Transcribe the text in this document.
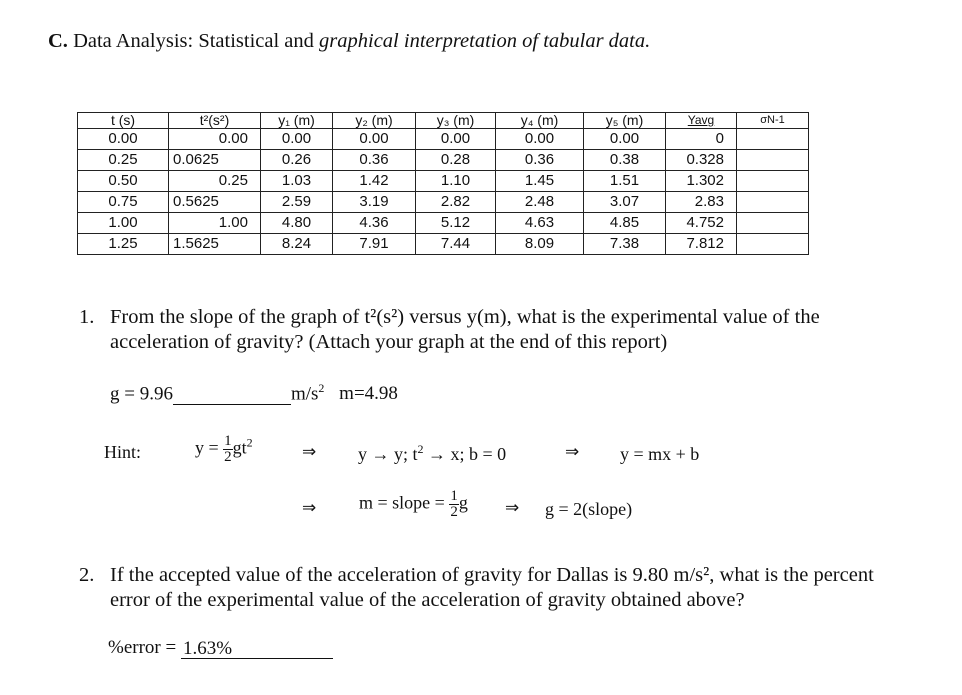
C. Data Analysis: Statistical and graphical interpretation of tabular data.
t (s)	t²(s²)	y₁ (m)	y₂ (m)	y₃ (m)	y₄ (m)	y₅ (m)	Yavg	σN-1
0.00	0.00	0.00	0.00	0.00	0.00	0.00	0	
0.25	0.0625	0.26	0.36	0.28	0.36	0.38	0.328	
0.50	0.25	1.03	1.42	1.10	1.45	1.51	1.302	
0.75	0.5625	2.59	3.19	2.82	2.48	3.07	2.83	
1.00	1.00	4.80	4.36	5.12	4.63	4.85	4.752	
1.25	1.5625	8.24	7.91	7.44	8.09	7.38	7.812	
1. From the slope of the graph of t²(s²) versus y(m), what is the experimental value of the acceleration of gravity? (Attach your graph at the end of this report)
g = 9.96	$m/s^2$ m=4.98
Hint:	$y = \frac{1}{2} gt^2$	⇒ y → y; $t^2 \to x$; b = 0	⇒ y = mx + b
⇒ m = slope = $\frac{1}{2}$ g ⇒ g = 2(slope)
2. If the accepted value of the acceleration of gravity for Dallas is 9.80 m/s², what is the percent error of the experimental value of the acceleration of gravity obtained above?
%error = 1.63%
